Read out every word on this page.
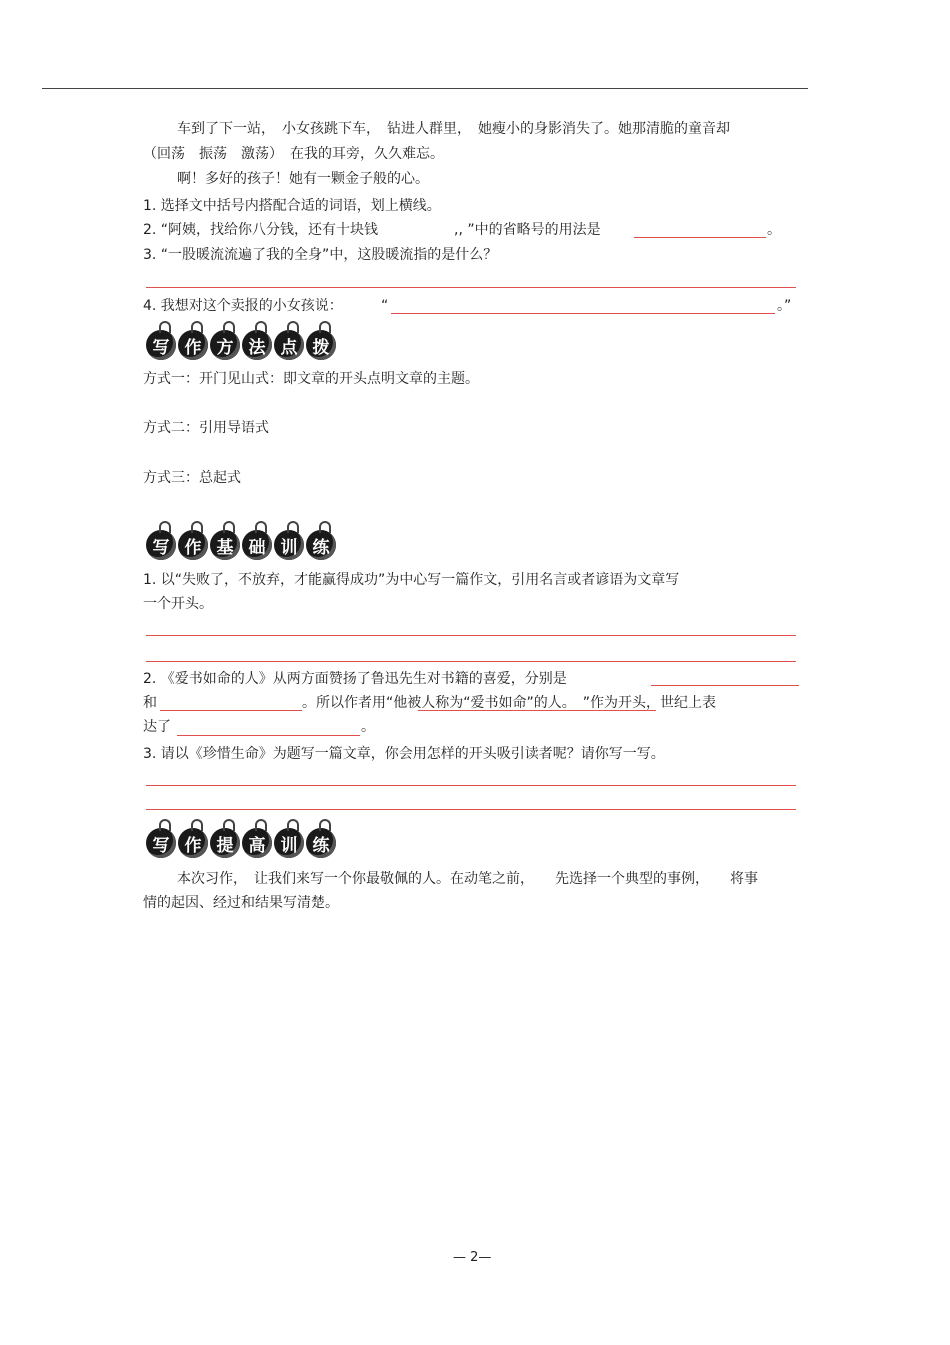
车到了下一站，　小女孩跳下车，　钻进人群里，　她瘦小的身影消失了。她那清脆的童音却
（回荡　振荡　激荡）　在我的耳旁，久久难忘。
啊！多好的孩子！她有一颗金子般的心。
1. 选择文中括号内搭配合适的词语，划上横线。
2. “阿姨，找给你八分钱，还有十块钱	,, ”中的省略号的用法是	。
3. “一股暖流流遍了我的全身”中，这股暖流指的是什么？
4. 我想对这个卖报的小女孩说：	“	。”
写 作 方 法 点 拨
方式一：开门见山式：即文章的开头点明文章的主题。
方式二：引用导语式
方式三：总起式
写 作 基 础 训 练
1. 以“失败了，不放弃，才能赢得成功”为中心写一篇作文，引用名言或者谚语为文章写
一个开头。
2. 《爱书如命的人》从两方面赞扬了鲁迅先生对书籍的喜爱，分别是
和	。所以作者用“他被人称为“爱书如命”的人。　”作为开头，世纪上表
达了	。
3. 请以《珍惜生命》为题写一篇文章，你会用怎样的开头吸引读者呢？请你写一写。
写 作 提 高 训 练
本次习作，　让我们来写一个你最敬佩的人。在动笔之前，　　先选择一个典型的事例，　　将事
情的起因、经过和结果写清楚。
— 2—
